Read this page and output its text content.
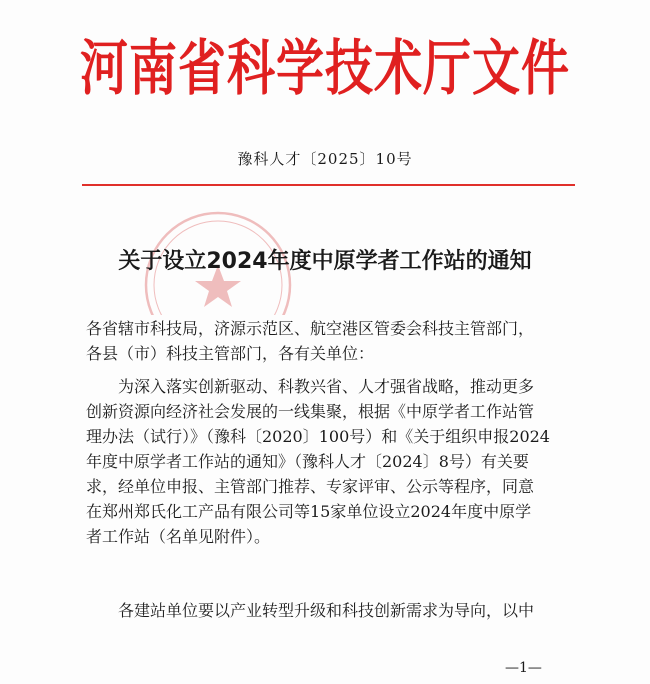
河南省科学技术厅文件
豫科人才〔2025〕10号
关于设立2024年度中原学者工作站的通知
各省辖市科技局，济源示范区、航空港区管委会科技主管部门，
各县（市）科技主管部门，各有关单位：
　　为深入落实创新驱动、科教兴省、人才强省战略，推动更多
创新资源向经济社会发展的一线集聚，根据《中原学者工作站管
理办法（试行）》（豫科〔2020〕100号）和《关于组织申报2024
年度中原学者工作站的通知》（豫科人才〔2024〕8号）有关要
求，经单位申报、主管部门推荐、专家评审、公示等程序，同意
在郑州郑氏化工产品有限公司等15家单位设立2024年度中原学
者工作站（名单见附件）。
　　各建站单位要以产业转型升级和科技创新需求为导向，以中
—1—
